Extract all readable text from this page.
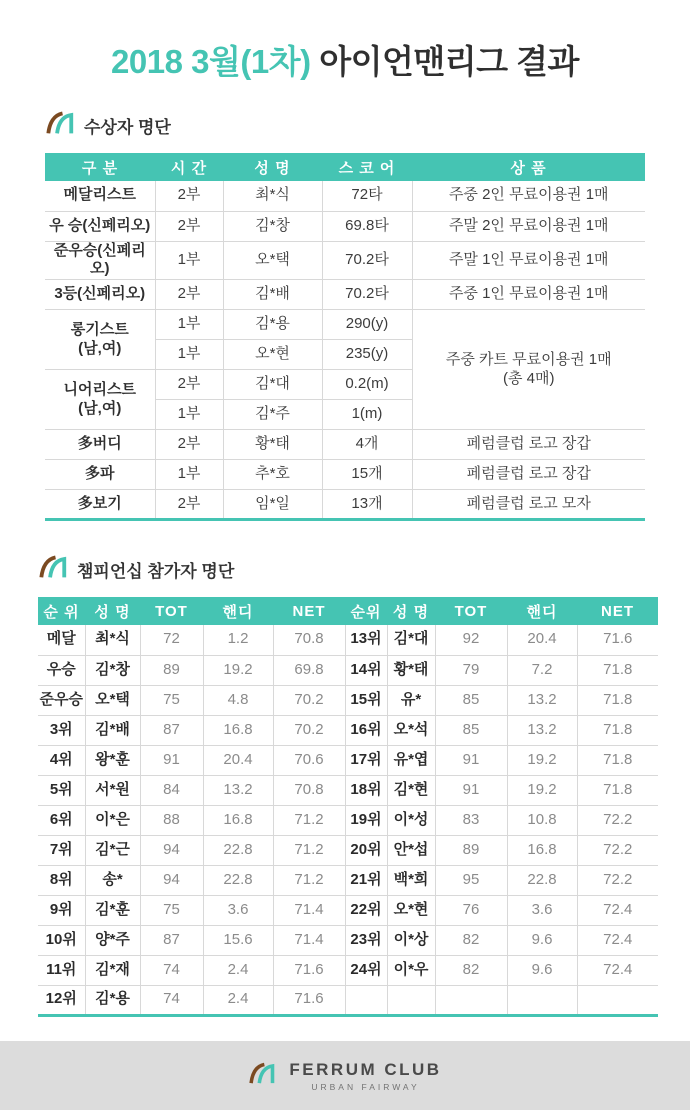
2018 3월(1차) 아이언맨리그 결과
수상자 명단
구 분	시 간	성 명	스 코 어	상 품
메달리스트	2부	최*식	72타	주중 2인 무료이용권 1매
우 승(신페리오)	2부	김*창	69.8타	주말 2인 무료이용권 1매
준우승(신페리오)	1부	오*택	70.2타	주말 1인 무료이용권 1매
3등(신페리오)	2부	김*배	70.2타	주중 1인 무료이용권 1매
롱기스트
(남,여)	1부	김*용	290(y)	주중 카트 무료이용권 1매
(총 4매)
	1부	오*현	235(y)	
니어리스트
(남,여)	2부	김*대	0.2(m)	
	1부	김*주	1(m)	
多버디	2부	황*태	4개	페럼클럽 로고 장갑
多파	1부	추*호	15개	페럼클럽 로고 장갑
多보기	2부	임*일	13개	페럼클럽 로고 모자
챔피언십 참가자 명단
순 위	성 명	TOT	핸디	NET	순위	성 명	TOT	핸디	NET
메달	최*식	72	1.2	70.8	13위	김*대	92	20.4	71.6
우승	김*창	89	19.2	69.8	14위	황*태	79	7.2	71.8
준우승	오*택	75	4.8	70.2	15위	유*	85	13.2	71.8
3위	김*배	87	16.8	70.2	16위	오*석	85	13.2	71.8
4위	왕*훈	91	20.4	70.6	17위	유*엽	91	19.2	71.8
5위	서*원	84	13.2	70.8	18위	김*현	91	19.2	71.8
6위	이*은	88	16.8	71.2	19위	이*성	83	10.8	72.2
7위	김*근	94	22.8	71.2	20위	안*섭	89	16.8	72.2
8위	송*	94	22.8	71.2	21위	백*희	95	22.8	72.2
9위	김*훈	75	3.6	71.4	22위	오*현	76	3.6	72.4
10위	양*주	87	15.6	71.4	23위	이*상	82	9.6	72.4
11위	김*재	74	2.4	71.6	24위	이*우	82	9.6	72.4
12위	김*용	74	2.4	71.6					
FERRUM CLUB
URBAN FAIRWAY
